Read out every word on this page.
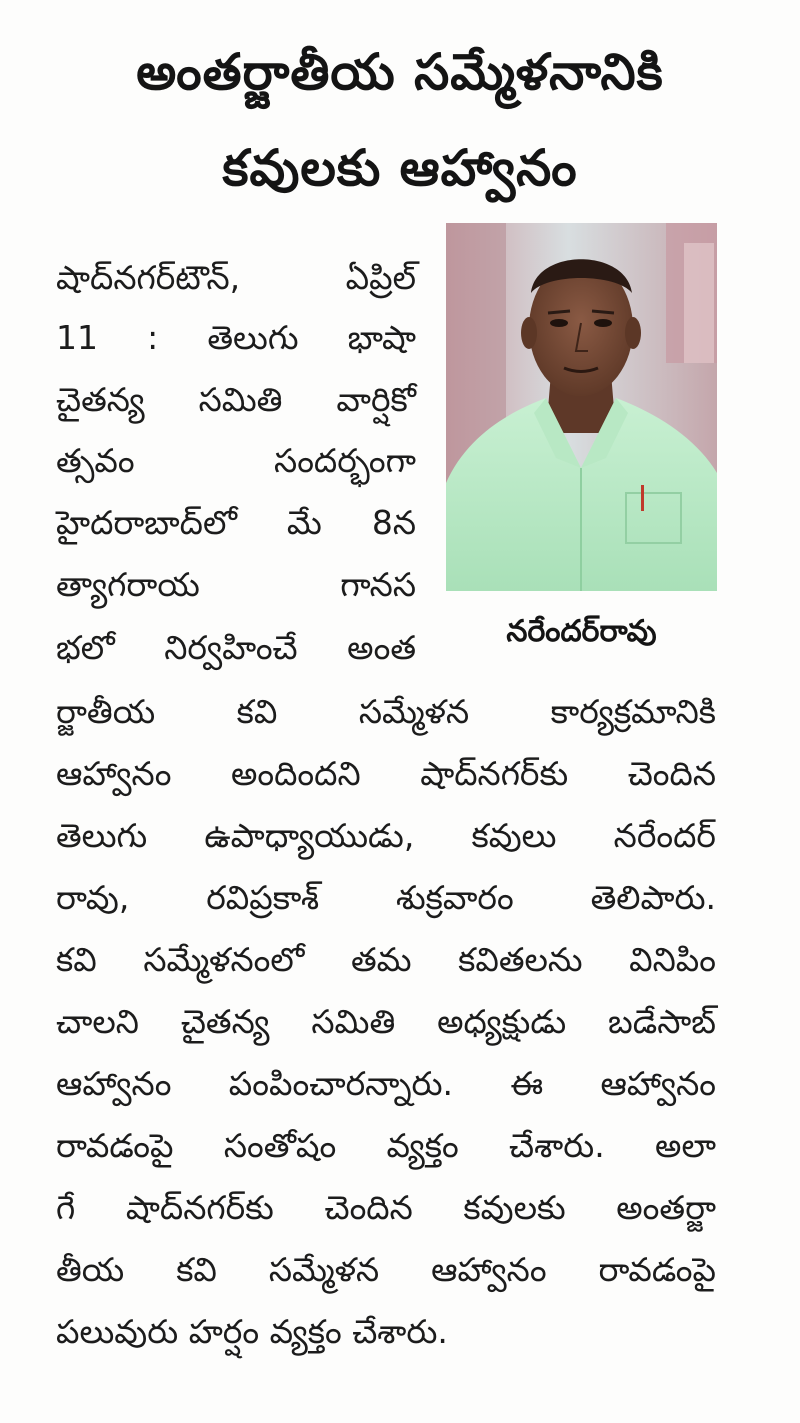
అంతర్జాతీయ సమ్మేళనానికి
కవులకు ఆహ్వానం

నరేందర్‌రావు

షాద్‌నగర్‌టౌన్‌, ఏప్రిల్‌

11 : తెలుగు భాషా

చైతన్య సమితి వార్షికో

త్సవం సందర్భంగా

హైదరాబాద్‌లో మే 8న

త్యాగరాయ గానస

భలో నిర్వహించే అంత

ర్జాతీయ కవి సమ్మేళన కార్యక్రమానికి

ఆహ్వానం అందిందని షాద్‌నగర్‌కు చెందిన

తెలుగు ఉపాధ్యాయుడు, కవులు నరేందర్‌

రావు, రవిప్రకాశ్‌ శుక్రవారం తెలిపారు.

కవి సమ్మేళనంలో తమ కవితలను వినిపిం

చాలని చైతన్య సమితి అధ్యక్షుడు బడేసాబ్‌

ఆహ్వానం పంపించారన్నారు. ఈ ఆహ్వానం

రావడంపై సంతోషం వ్యక్తం చేశారు. అలా

గే షాద్‌నగర్‌కు చెందిన కవులకు అంతర్జా

తీయ కవి సమ్మేళన ఆహ్వానం రావడంపై

పలువురు హర్షం వ్యక్తం చేశారు.
